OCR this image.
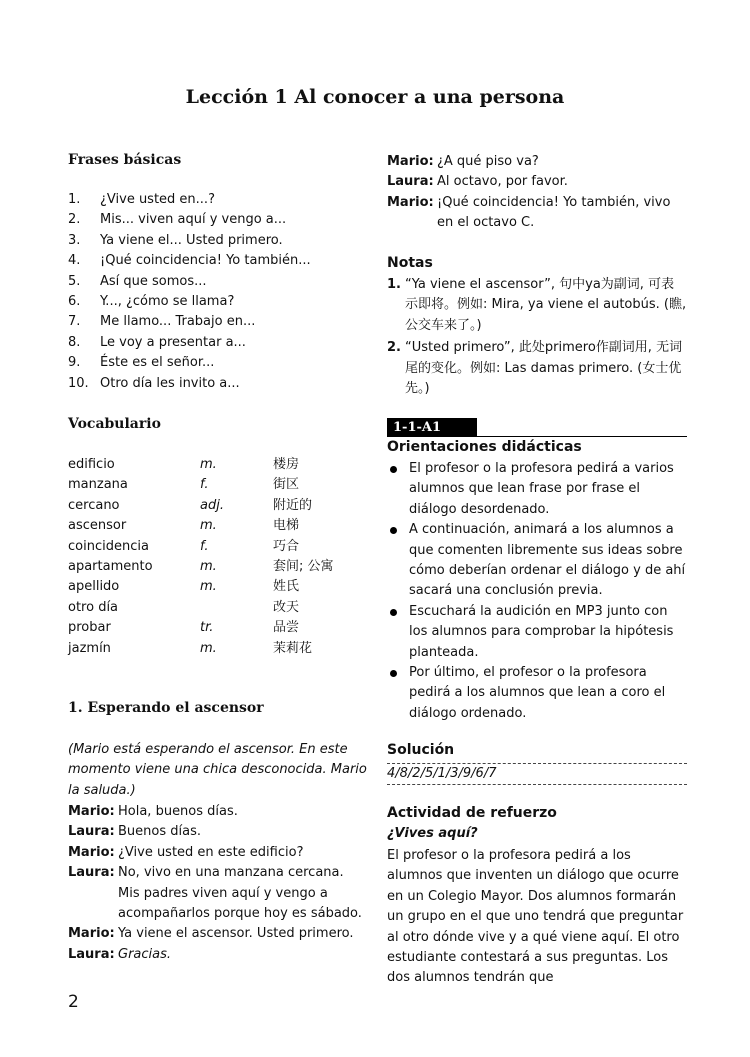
Lección 1 Al conocer a una persona
Frases básicas
1. ¿Vive usted en...?
2. Mis... viven aquí y vengo a...
3. Ya viene el... Usted primero.
4. ¡Qué coincidencia! Yo también...
5. Así que somos...
6. Y..., ¿cómo se llama?
7. Me llamo... Trabajo en...
8. Le voy a presentar a...
9. Éste es el señor...
10. Otro día les invito a...
Vocabulario
edificio	m.	楼房
manzana	f.	街区
cercano	adj.	附近的
ascensor	m.	电梯
coincidencia	f.	巧合
apartamento	m.	套间; 公寓
apellido	m.	姓氏
otro día	改天
probar	tr.	品尝
jazmín	m.	茉莉花
1. Esperando el ascensor
(Mario está esperando el ascensor. En este momento viene una chica desconocida. Mario la saluda.)
Mario: Hola, buenos días.
Laura: Buenos días.
Mario: ¿Vive usted en este edificio?
Laura: No, vivo en una manzana cercana. Mis padres viven aquí y vengo a acompañarlos porque hoy es sábado.
Mario: Ya viene el ascensor. Usted primero.
Laura: Gracias.
Mario: ¿A qué piso va?
Laura: Al octavo, por favor.
Mario: ¡Qué coincidencia! Yo también, vivo en el octavo C.
Notas
1. “Ya viene el ascensor”, 句中ya为副词, 可表示即将。例如: Mira, ya viene el autobús. (瞧, 公交车来了。)
2. “Usted primero”, 此处primero作副词用, 无词尾的变化。例如: Las damas primero. (女士优先。)
1-1-A1
Orientaciones didácticas
El profesor o la profesora pedirá a varios alumnos que lean frase por frase el diálogo desordenado.
A continuación, animará a los alumnos a que comenten libremente sus ideas sobre cómo deberían ordenar el diálogo y de ahí sacará una conclusión previa.
Escuchará la audición en MP3 junto con los alumnos para comprobar la hipótesis planteada.
Por último, el profesor o la profesora pedirá a los alumnos que lean a coro el diálogo ordenado.
Solución
4/8/2/5/1/3/9/6/7
Actividad de refuerzo
¿Vives aquí?
El profesor o la profesora pedirá a los alumnos que inventen un diálogo que ocurre en un Colegio Mayor. Dos alumnos formarán un grupo en el que uno tendrá que preguntar al otro dónde vive y a qué viene aquí. El otro estudiante contestará a sus preguntas. Los dos alumnos tendrán que
2
